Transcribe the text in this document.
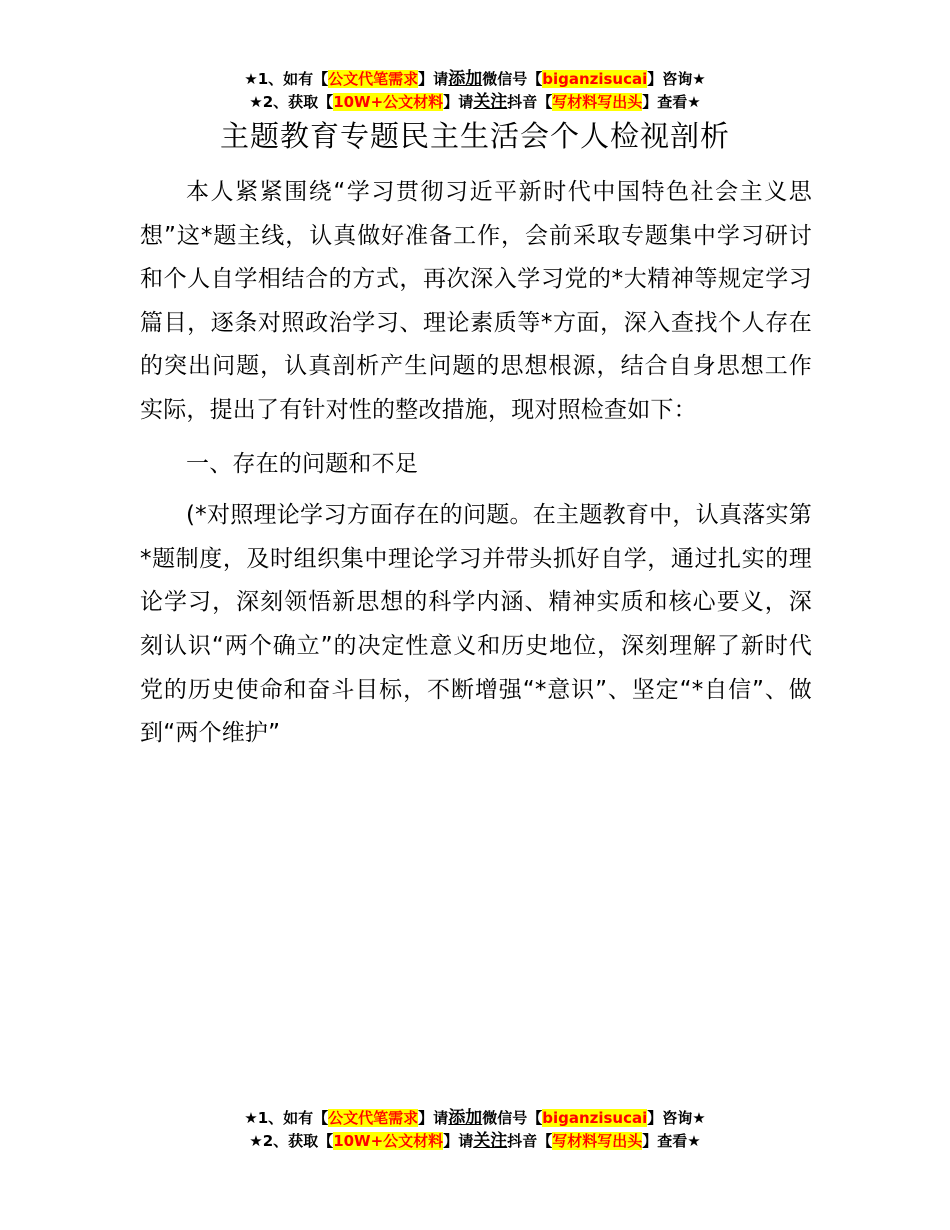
★1、如有【公文代笔需求】请添加微信号【biganzisucai】咨询★
★2、获取【10W+公文材料】请关注抖音【写材料写出头】查看★
主题教育专题民主生活会个人检视剖析

本人紧紧围绕“学习贯彻习近平新时代中国特色社会主义思想”这*题主线，认真做好准备工作，会前采取专题集中学习研讨和个人自学相结合的方式，再次深入学习党的*大精神等规定学习篇目，逐条对照政治学习、理论素质等*方面，深入查找个人存在的突出问题，认真剖析产生问题的思想根源，结合自身思想工作实际，提出了有针对性的整改措施，现对照检查如下：

一、存在的问题和不足

(*对照理论学习方面存在的问题。在主题教育中，认真落实第*题制度，及时组织集中理论学习并带头抓好自学，通过扎实的理论学习，深刻领悟新思想的科学内涵、精神实质和核心要义，深刻认识“两个确立”的决定性意义和历史地位，深刻理解了新时代党的历史使命和奋斗目标，不断增强“*意识”、坚定“*自信”、做到“两个维护”

★1、如有【公文代笔需求】请添加微信号【biganzisucai】咨询★
★2、获取【10W+公文材料】请关注抖音【写材料写出头】查看★
